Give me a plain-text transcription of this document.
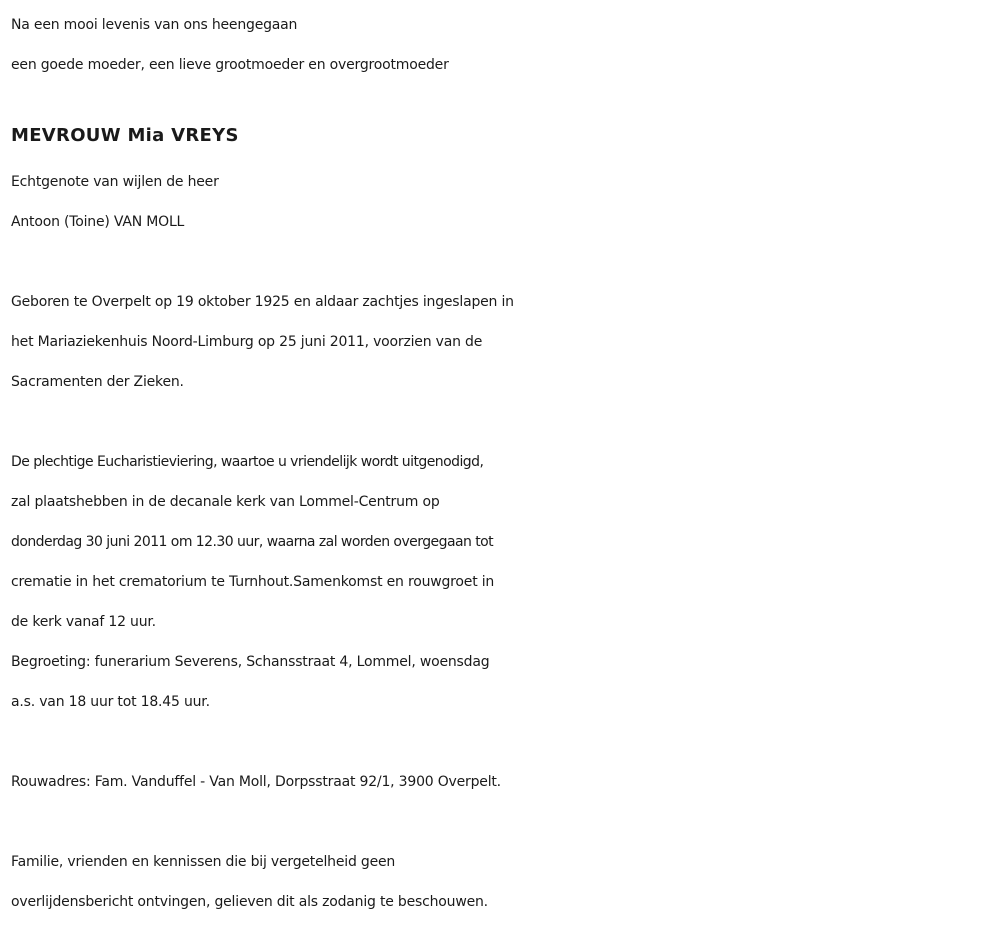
Na een mooi levenis van ons heengegaan
een goede moeder, een lieve grootmoeder en overgrootmoeder
MEVROUW Mia VREYS
Echtgenote van wijlen de heer
Antoon (Toine) VAN MOLL
Geboren te Overpelt op 19 oktober 1925 en aldaar zachtjes ingeslapen in
het Mariaziekenhuis Noord-Limburg op 25 juni 2011, voorzien van de
Sacramenten der Zieken.
De plechtige Eucharistieviering, waartoe u vriendelijk wordt uitgenodigd,
zal plaatshebben in de decanale kerk van Lommel-Centrum op
donderdag 30 juni 2011 om 12.30 uur, waarna zal worden overgegaan tot
crematie in het crematorium te Turnhout.Samenkomst en rouwgroet in
de kerk vanaf 12 uur.
Begroeting: funerarium Severens, Schansstraat 4, Lommel, woensdag
a.s. van 18 uur tot 18.45 uur.
Rouwadres: Fam. Vanduffel - Van Moll, Dorpsstraat 92/1, 3900 Overpelt.
Familie, vrienden en kennissen die bij vergetelheid geen
overlijdensbericht ontvingen, gelieven dit als zodanig te beschouwen.
